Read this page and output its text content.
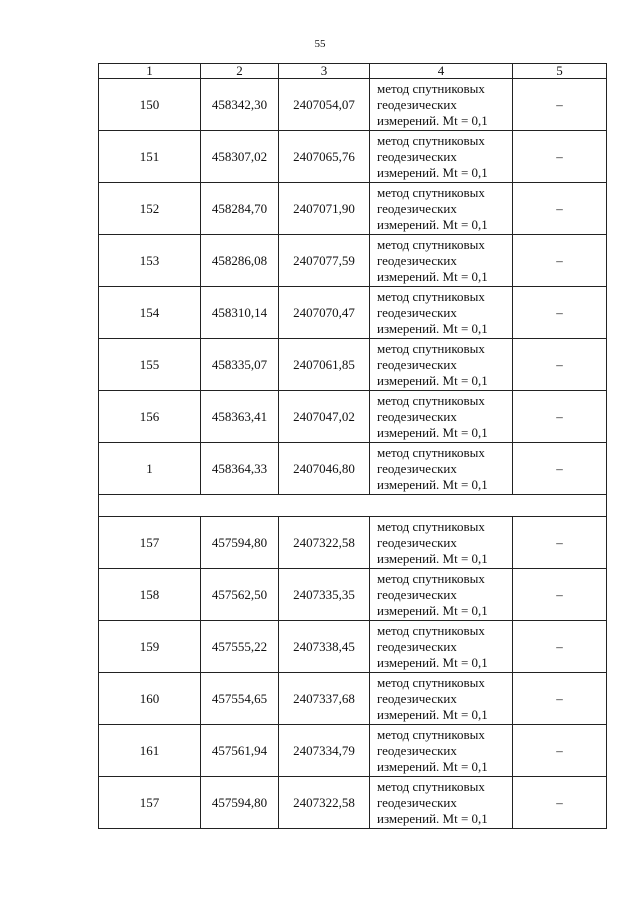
55
1	2	3	4	5
150	458342,30	2407054,07	метод спутниковых
геодезических
измерений. Mt = 0,1	–
151	458307,02	2407065,76	метод спутниковых
геодезических
измерений. Mt = 0,1	–
152	458284,70	2407071,90	метод спутниковых
геодезических
измерений. Mt = 0,1	–
153	458286,08	2407077,59	метод спутниковых
геодезических
измерений. Mt = 0,1	–
154	458310,14	2407070,47	метод спутниковых
геодезических
измерений. Mt = 0,1	–
155	458335,07	2407061,85	метод спутниковых
геодезических
измерений. Mt = 0,1	–
156	458363,41	2407047,02	метод спутниковых
геодезических
измерений. Mt = 0,1	–
1	458364,33	2407046,80	метод спутниковых
геодезических
измерений. Mt = 0,1	–

157	457594,80	2407322,58	метод спутниковых
геодезических
измерений. Mt = 0,1	–
158	457562,50	2407335,35	метод спутниковых
геодезических
измерений. Mt = 0,1	–
159	457555,22	2407338,45	метод спутниковых
геодезических
измерений. Mt = 0,1	–
160	457554,65	2407337,68	метод спутниковых
геодезических
измерений. Mt = 0,1	–
161	457561,94	2407334,79	метод спутниковых
геодезических
измерений. Mt = 0,1	–
157	457594,80	2407322,58	метод спутниковых
геодезических
измерений. Mt = 0,1	–
